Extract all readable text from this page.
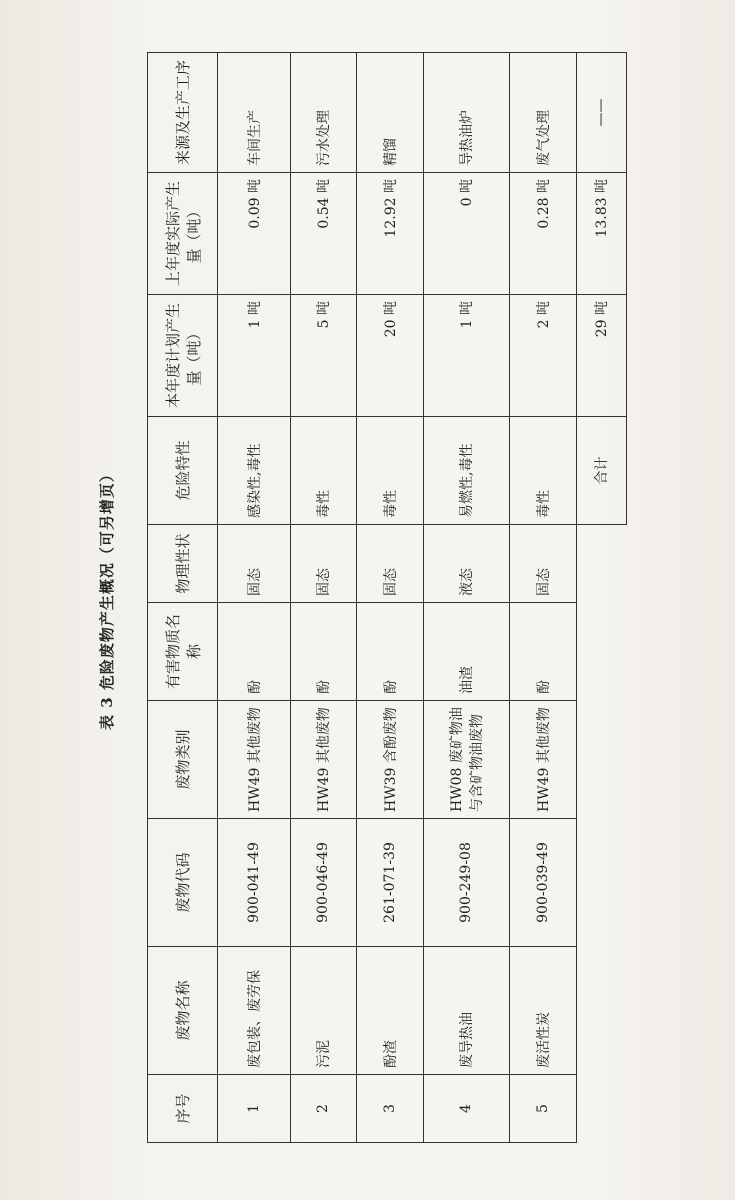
表 3 危险废物产生概况（可另增页）
序号	废物名称	废物代码	废物类别	有害物质名称	物理性状	危险特性	本年度计划产生量（吨）	上年度实际产生量（吨）	来源及生产工序
1	废包装、废劳保	900-041-49	HW49 其他废物	酚	固态	感染性,毒性	1 吨	0.09 吨	车间生产
2	污泥	900-046-49	HW49 其他废物	酚	固态	毒性	5 吨	0.54 吨	污水处理
3	酚渣	261-071-39	HW39 含酚废物	酚	固态	毒性	20 吨	12.92 吨	精馏
4	废导热油	900-249-08	HW08 废矿物油与含矿物油废物	油渣	液态	易燃性,毒性	1 吨	0 吨	导热油炉
5	废活性炭	900-039-49	HW49 其他废物	酚	固态	毒性	2 吨	0.28 吨	废气处理
						合计	29 吨	13.83 吨	——
